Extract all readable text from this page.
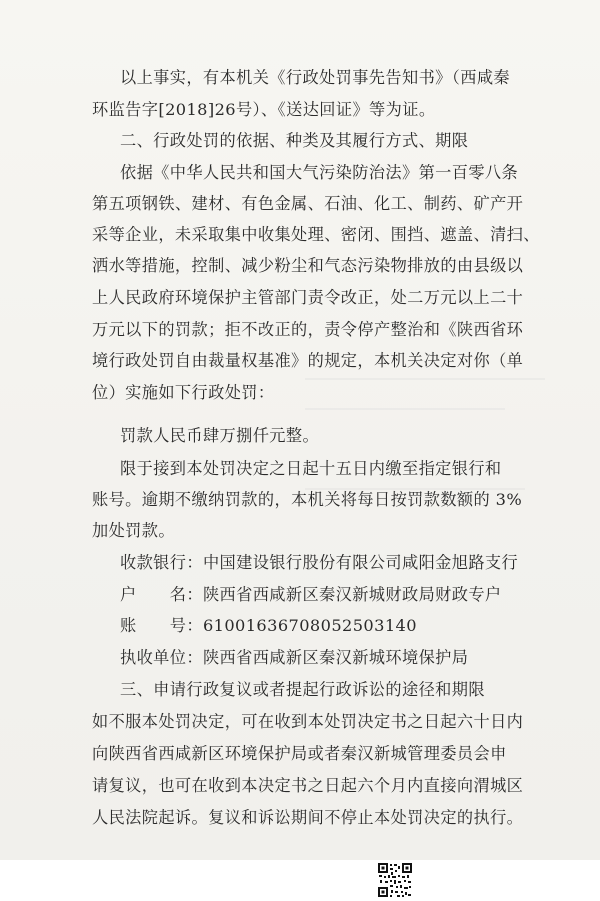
以上事实，有本机关《行政处罚事先告知书》（西咸秦

环监告字[2018]26号）、《送达回证》等为证。

二、行政处罚的依据、种类及其履行方式、期限

依据《中华人民共和国大气污染防治法》第一百零八条

第五项钢铁、建材、有色金属、石油、化工、制药、矿产开

采等企业，未采取集中收集处理、密闭、围挡、遮盖、清扫、

洒水等措施，控制、减少粉尘和气态污染物排放的由县级以

上人民政府环境保护主管部门责令改正，处二万元以上二十

万元以下的罚款；拒不改正的，责令停产整治和《陕西省环

境行政处罚自由裁量权基准》的规定，本机关决定对你（单

位）实施如下行政处罚：

罚款人民币肆万捌仟元整。

限于接到本处罚决定之日起十五日内缴至指定银行和

账号。逾期不缴纳罚款的，本机关将每日按罚款数额的 3%

加处罚款。

收款银行：中国建设银行股份有限公司咸阳金旭路支行

户　　名：陕西省西咸新区秦汉新城财政局财政专户

账　　号：61001636708052503140

执收单位：陕西省西咸新区秦汉新城环境保护局

三、申请行政复议或者提起行政诉讼的途径和期限

如不服本处罚决定，可在收到本处罚决定书之日起六十日内

向陕西省西咸新区环境保护局或者秦汉新城管理委员会申

请复议，也可在收到本决定书之日起六个月内直接向渭城区

人民法院起诉。复议和诉讼期间不停止本处罚决定的执行。
